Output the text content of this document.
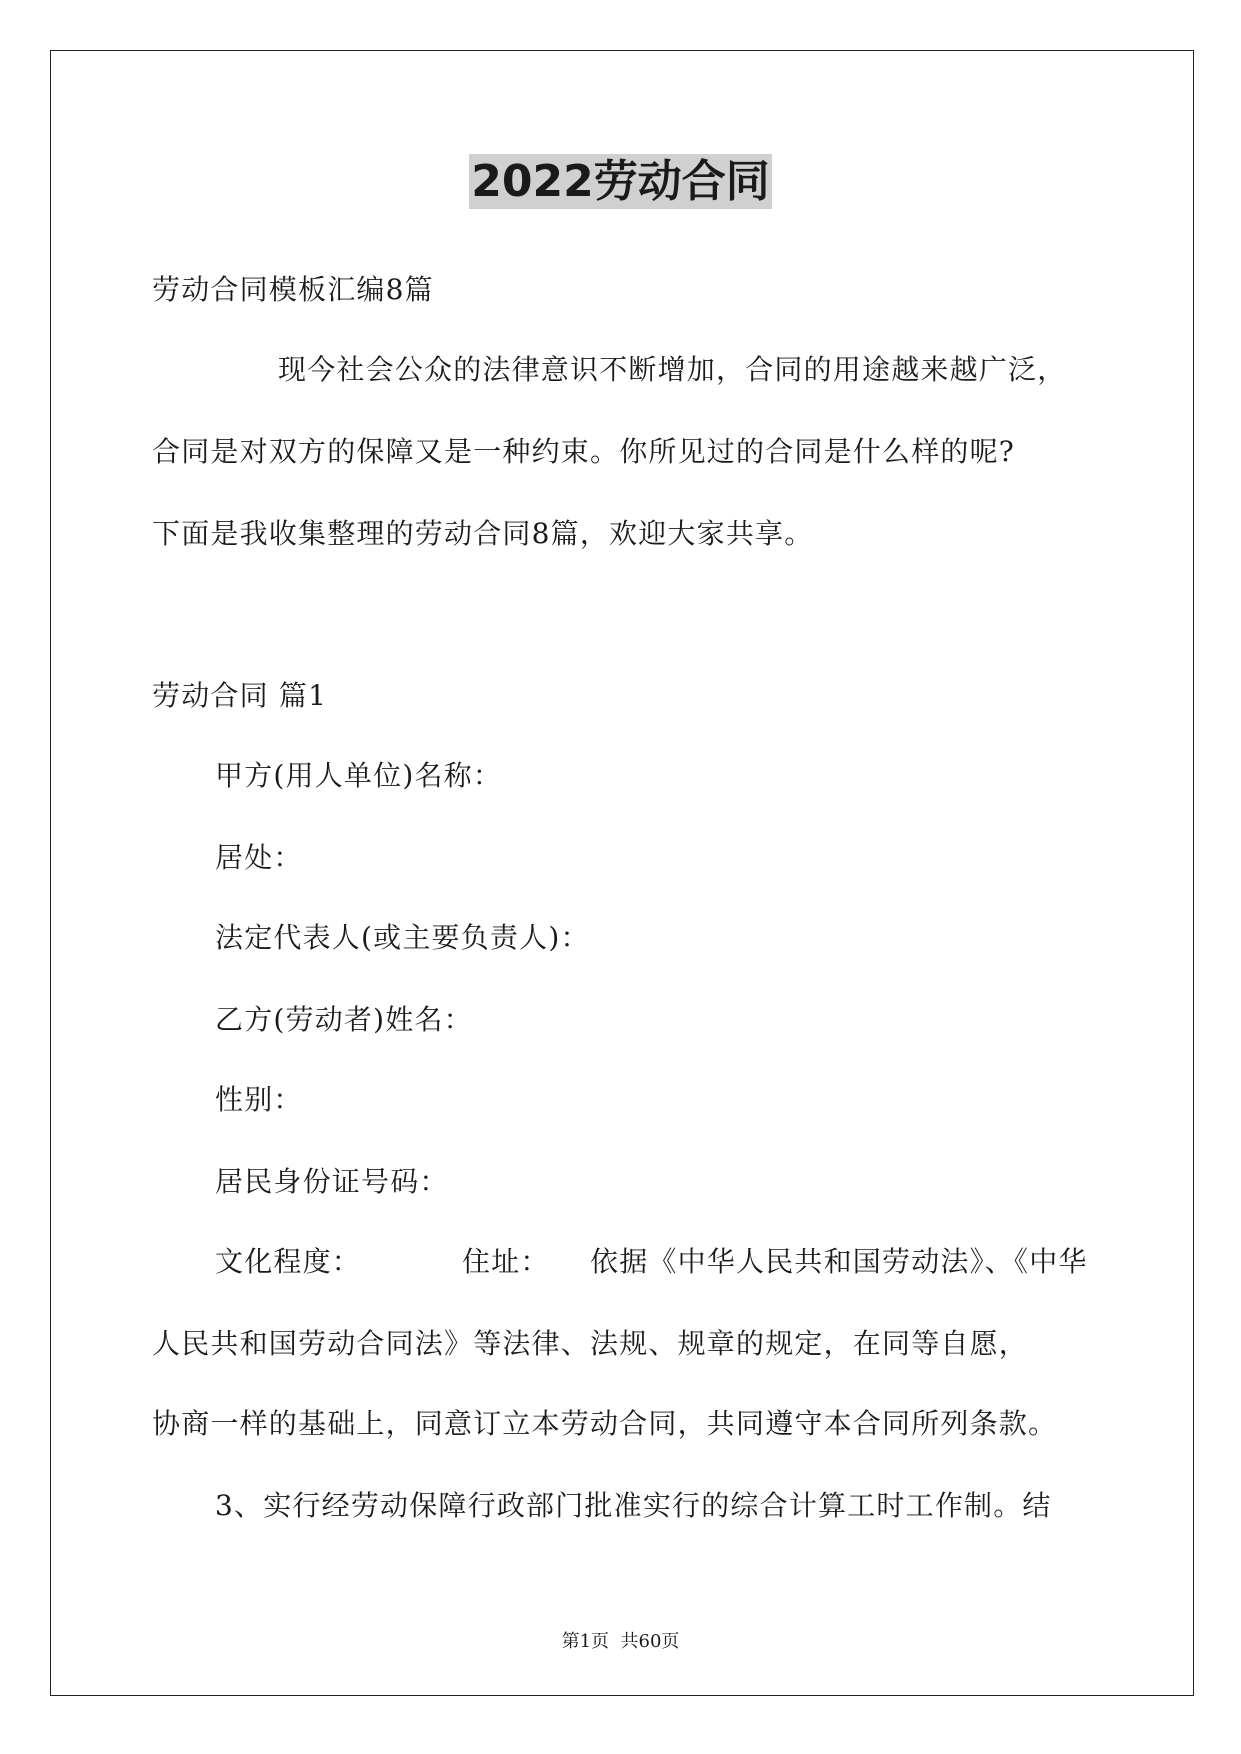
2022劳动合同
劳动合同模板汇编8篇
现今社会公众的法律意识不断增加，合同的用途越来越广泛，
合同是对双方的保障又是一种约束。你所见过的合同是什么样的呢?
下面是我收集整理的劳动合同8篇，欢迎大家共享。
劳动合同 篇1
甲方(用人单位)名称：
居处：
法定代表人(或主要负责人)：
乙方(劳动者)姓名：
性别：
居民身份证号码：
文化程度：          住址：    依据《中华人民共和国劳动法》、《中华
人民共和国劳动合同法》等法律、法规、规章的规定，在同等自愿，
协商一样的基础上，同意订立本劳动合同，共同遵守本合同所列条款。
3、实行经劳动保障行政部门批准实行的综合计算工时工作制。结
第1页  共60页
